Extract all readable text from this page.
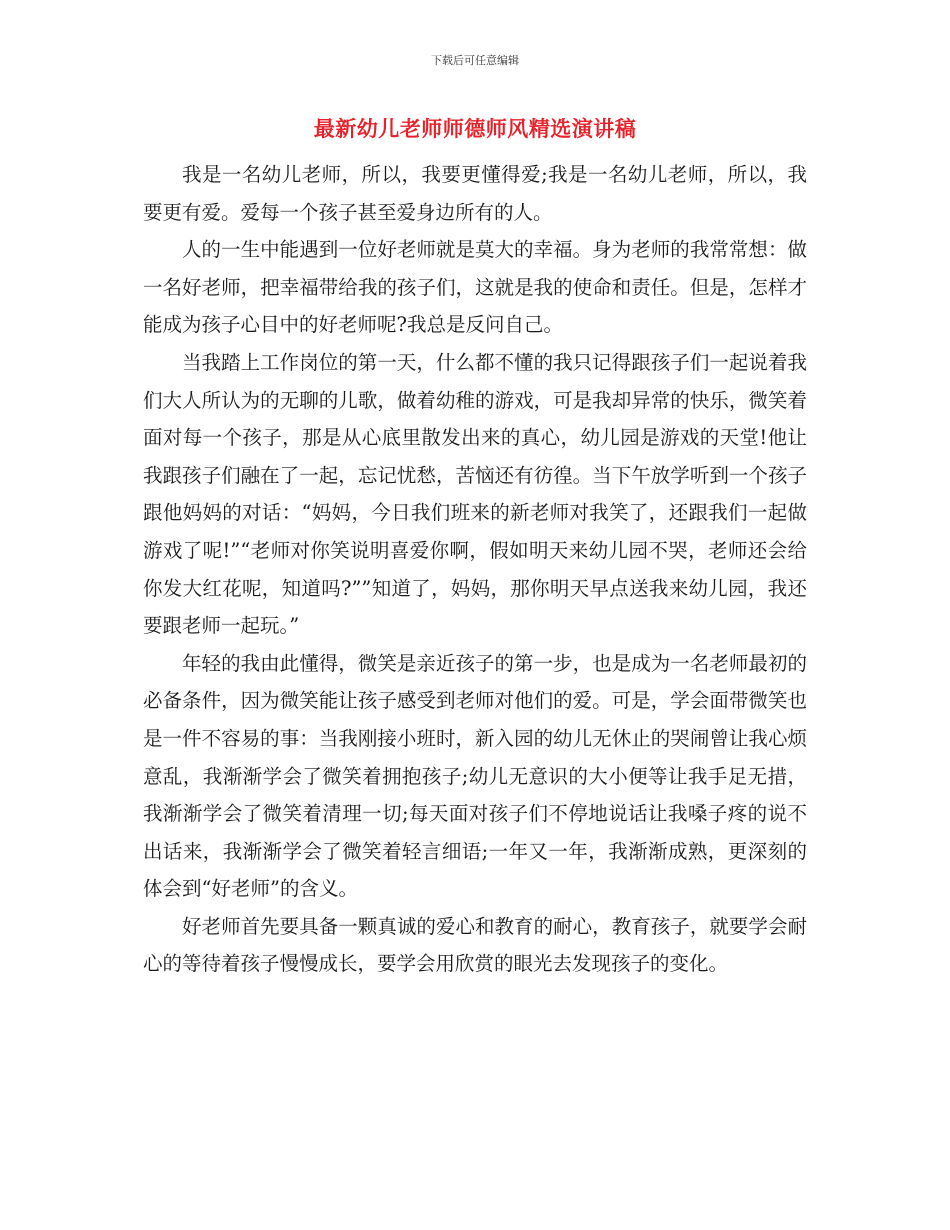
下载后可任意编辑
最新幼儿老师师德师风精选演讲稿

我是一名幼儿老师，所以，我要更懂得爱;我是一名幼儿老师，所以，我要更有爱。爱每一个孩子甚至爱身边所有的人。

人的一生中能遇到一位好老师就是莫大的幸福。身为老师的我常常想：做一名好老师，把幸福带给我的孩子们，这就是我的使命和责任。但是，怎样才能成为孩子心目中的好老师呢?我总是反问自己。

当我踏上工作岗位的第一天，什么都不懂的我只记得跟孩子们一起说着我们大人所认为的无聊的儿歌，做着幼稚的游戏，可是我却异常的快乐，微笑着面对每一个孩子，那是从心底里散发出来的真心，幼儿园是游戏的天堂!他让我跟孩子们融在了一起，忘记忧愁，苦恼还有彷徨。当下午放学听到一个孩子跟他妈妈的对话：“妈妈，今日我们班来的新老师对我笑了，还跟我们一起做游戏了呢!”“老师对你笑说明喜爱你啊，假如明天来幼儿园不哭，老师还会给你发大红花呢，知道吗?””知道了，妈妈，那你明天早点送我来幼儿园，我还要跟老师一起玩。”

年轻的我由此懂得，微笑是亲近孩子的第一步，也是成为一名老师最初的必备条件，因为微笑能让孩子感受到老师对他们的爱。可是，学会面带微笑也是一件不容易的事：当我刚接小班时，新入园的幼儿无休止的哭闹曾让我心烦意乱，我渐渐学会了微笑着拥抱孩子;幼儿无意识的大小便等让我手足无措，我渐渐学会了微笑着清理一切;每天面对孩子们不停地说话让我嗓子疼的说不出话来，我渐渐学会了微笑着轻言细语;一年又一年，我渐渐成熟，更深刻的体会到“好老师”的含义。

好老师首先要具备一颗真诚的爱心和教育的耐心，教育孩子，就要学会耐心的等待着孩子慢慢成长，要学会用欣赏的眼光去发现孩子的变化。
